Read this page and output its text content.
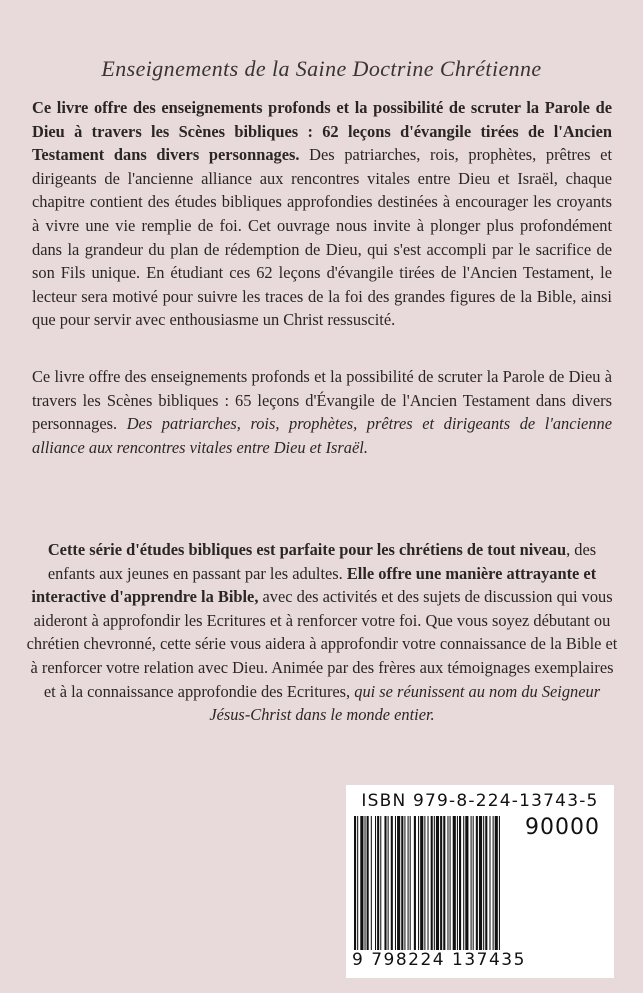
Enseignements de la Saine Doctrine Chrétienne

Ce livre offre des enseignements profonds et la possibilité de scruter la Parole de Dieu à travers les Scènes bibliques : 62 leçons d'évangile tirées de l'Ancien Testament dans divers personnages. Des patriarches, rois, prophètes, prêtres et dirigeants de l'ancienne alliance aux rencontres vitales entre Dieu et Israël, chaque chapitre contient des études bibliques approfondies destinées à encourager les croyants à vivre une vie remplie de foi. Cet ouvrage nous invite à plonger plus profondément dans la grandeur du plan de rédemption de Dieu, qui s'est accompli par le sacrifice de son Fils unique. En étudiant ces 62 leçons d'évangile tirées de l'Ancien Testament, le lecteur sera motivé pour suivre les traces de la foi des grandes figures de la Bible, ainsi que pour servir avec enthousiasme un Christ ressuscité.

Ce livre offre des enseignements profonds et la possibilité de scruter la Parole de Dieu à travers les Scènes bibliques : 65 leçons d'Évangile de l'Ancien Testament dans divers personnages. Des patriarches, rois, prophètes, prêtres et dirigeants de l'ancienne alliance aux rencontres vitales entre Dieu et Israël.

Cette série d'études bibliques est parfaite pour les chrétiens de tout niveau, des enfants aux jeunes en passant par les adultes. Elle offre une manière attrayante et interactive d'apprendre la Bible, avec des activités et des sujets de discussion qui vous aideront à approfondir les Ecritures et à renforcer votre foi. Que vous soyez débutant ou chrétien chevronné, cette série vous aidera à approfondir votre connaissance de la Bible et à renforcer votre relation avec Dieu. Animée par des frères aux témoignages exemplaires et à la connaissance approfondie des Ecritures, qui se réunissent au nom du Seigneur Jésus-Christ dans le monde entier.

ISBN 979-8-224-13743-5
90000
9 798224 137435
